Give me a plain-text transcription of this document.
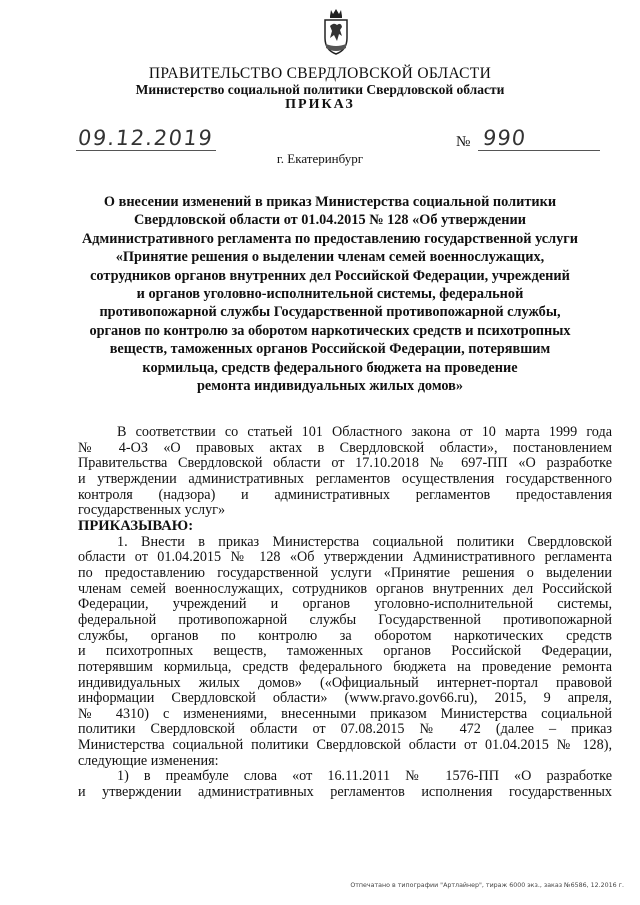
ПРАВИТЕЛЬСТВО СВЕРДЛОВСКОЙ ОБЛАСТИ
Министерство социальной политики Свердловской области
ПРИКАЗ
09.12.2019	№ 990
г. Екатеринбург
О внесении изменений в приказ Министерства социальной политики
Свердловской области от 01.04.2015 № 128 «Об утверждении
Административного регламента по предоставлению государственной услуги
«Принятие решения о выделении членам семей военнослужащих,
сотрудников органов внутренних дел Российской Федерации, учреждений
и органов уголовно-исполнительной системы, федеральной
противопожарной службы Государственной противопожарной службы,
органов по контролю за оборотом наркотических средств и психотропных
веществ, таможенных органов Российской Федерации, потерявшим
кормильца, средств федерального бюджета на проведение
ремонта индивидуальных жилых домов»
В соответствии со статьей 101 Областного закона от 10 марта 1999 года
№ 4-ОЗ «О правовых актах в Свердловской области», постановлением
Правительства Свердловской области от 17.10.2018 № 697-ПП «О разработке
и утверждении административных регламентов осуществления государственного
контроля (надзора) и административных регламентов предоставления
государственных услуг»
ПРИКАЗЫВАЮ:
1. Внести в приказ Министерства социальной политики Свердловской
области от 01.04.2015 № 128 «Об утверждении Административного регламента
по предоставлению государственной услуги «Принятие решения о выделении
членам семей военнослужащих, сотрудников органов внутренних дел Российской
Федерации, учреждений и органов уголовно-исполнительной системы,
федеральной противопожарной службы Государственной противопожарной
службы, органов по контролю за оборотом наркотических средств
и психотропных веществ, таможенных органов Российской Федерации,
потерявшим кормильца, средств федерального бюджета на проведение ремонта
индивидуальных жилых домов» («Официальный интернет-портал правовой
информации Свердловской области» (www.pravo.gov66.ru), 2015, 9 апреля,
№ 4310) с изменениями, внесенными приказом Министерства социальной
политики Свердловской области от 07.08.2015 № 472 (далее – приказ
Министерства социальной политики Свердловской области от 01.04.2015 № 128),
следующие изменения:
1) в преамбуле слова «от 16.11.2011 № 1576-ПП «О разработке
и утверждении административных регламентов исполнения государственных
Отпечатано в типографии "Артлайнер", тираж 6000 экз., заказ №6586, 12.2016 г.
